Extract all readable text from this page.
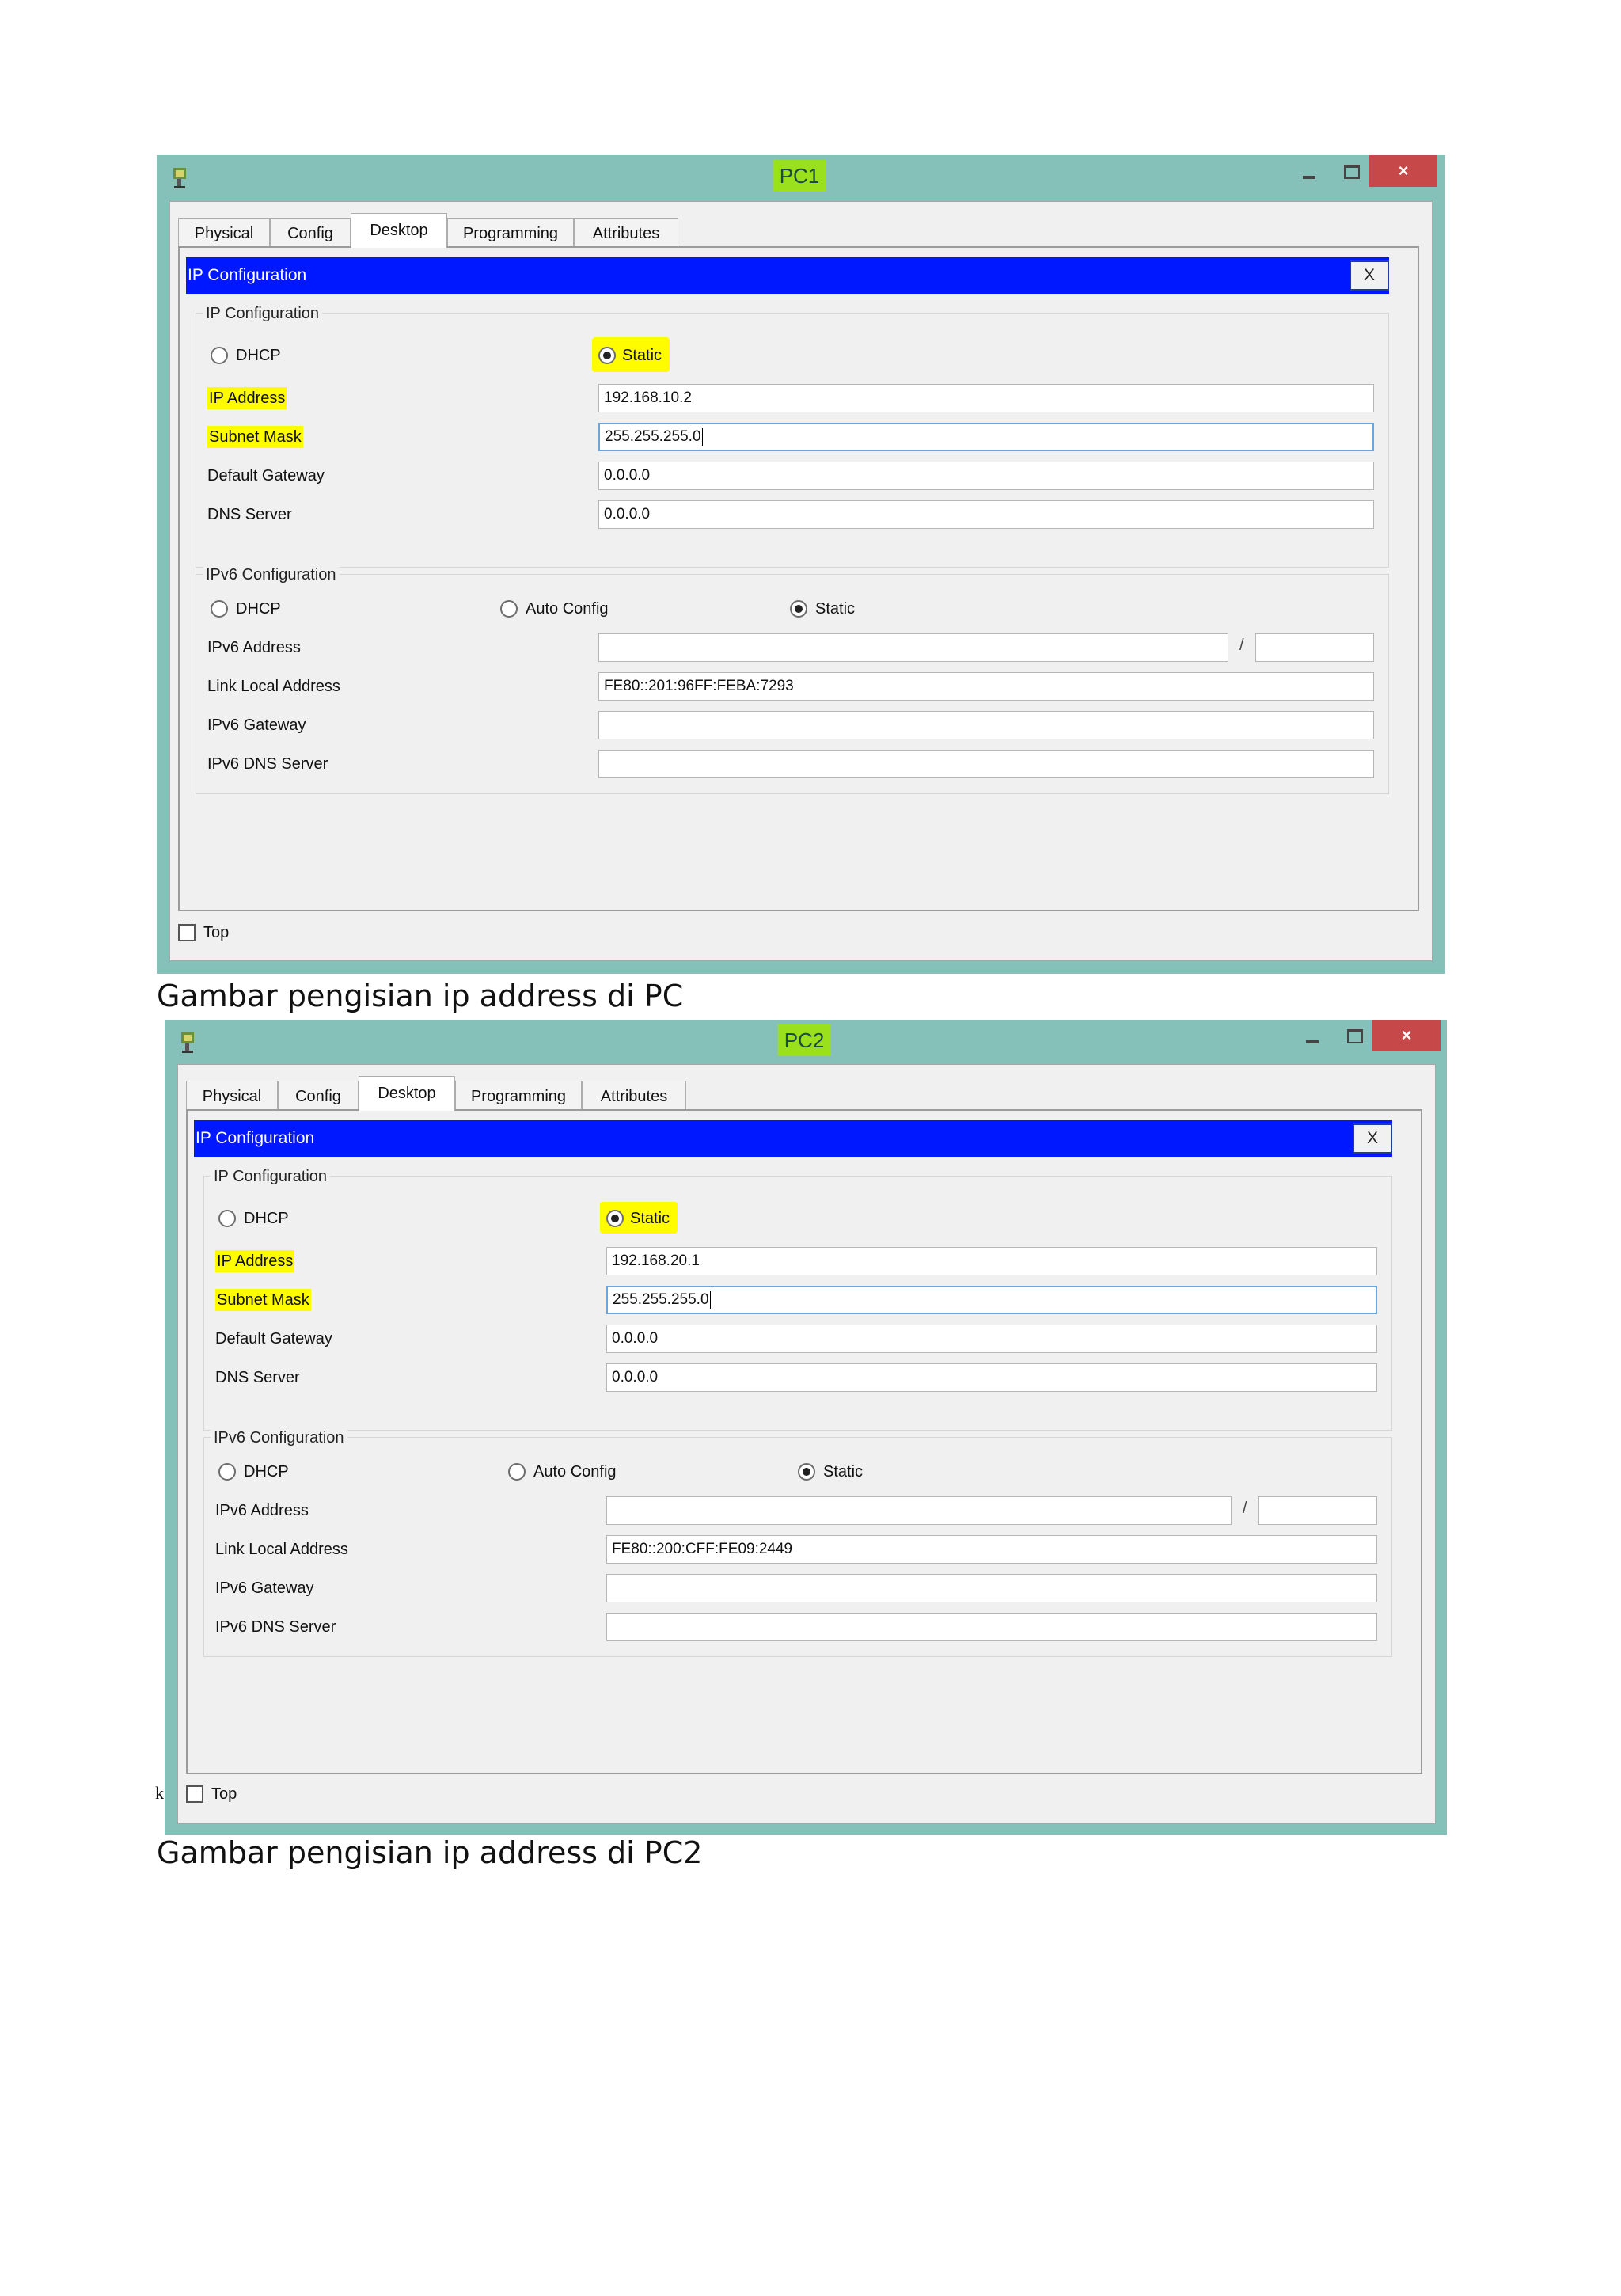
PC1	×
Physical	Config	Desktop	Programming	Attributes
IP Configuration	X
IP Configuration
DHCP	Static
IP Address	192.168.10.2
Subnet Mask	255.255.255.0
Default Gateway	0.0.0.0
DNS Server	0.0.0.0
IPv6 Configuration
DHCP	Auto Config	Static
IPv6 Address	/
Link Local Address	FE80::201:96FF:FEBA:7293
IPv6 Gateway
IPv6 DNS Server
Top
Gambar pengisian ip address di PC
PC2	×
Physical	Config	Desktop	Programming	Attributes
IP Configuration	X
IP Configuration
DHCP	Static
IP Address	192.168.20.1
Subnet Mask	255.255.255.0
Default Gateway	0.0.0.0
DNS Server	0.0.0.0
IPv6 Configuration
DHCP	Auto Config	Static
IPv6 Address	/
Link Local Address	FE80::200:CFF:FE09:2449
IPv6 Gateway
IPv6 DNS Server
Top
k
Gambar pengisian ip address di PC2
